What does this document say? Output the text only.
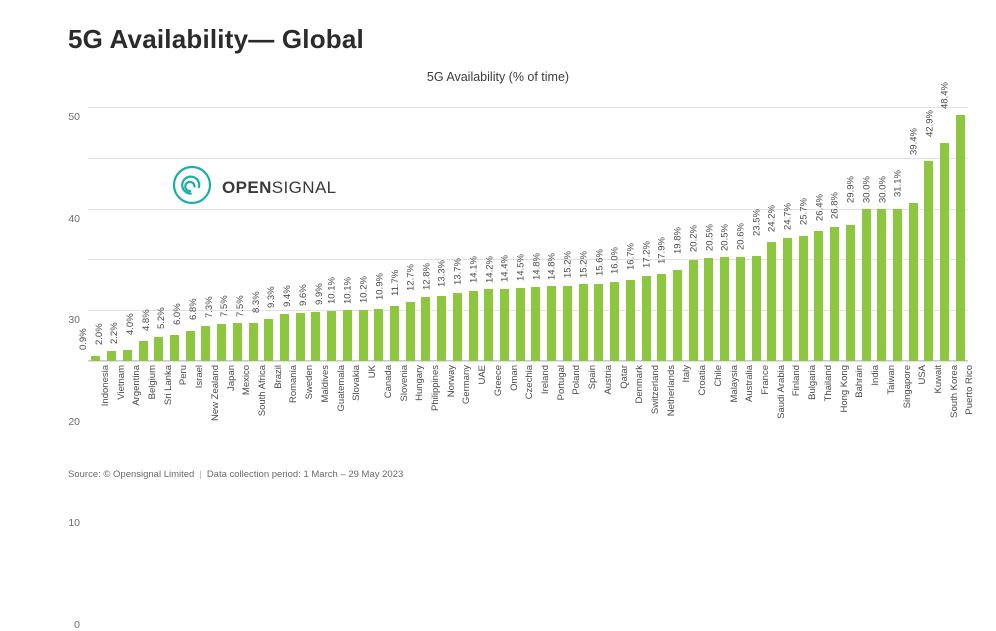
5G Availability— Global
5G Availability (% of time)
0
10
20
30
40
50
0.9% 2.0% 2.2% 4.0% 4.8% 5.2% 6.0% 6.8% 7.3% 7.5% 7.5% 8.3% 9.3% 9.4% 9.6% 9.9% 10.1% 10.1% 10.2% 10.9% 11.7% 12.7% 12.8% 13.3% 13.7% 14.1% 14.2% 14.4% 14.5% 14.8% 14.8% 15.2% 15.2% 15.6% 16.0% 16.7% 17.2% 17.9% 19.8% 20.2% 20.5% 20.5% 20.6%
23.5% 24.2% 24.7% 25.7% 26.4% 26.8%
29.9% 30.0% 30.0% 31.1%
39.4%
42.9%
48.4%
Indonesia Vietnam Argentina Belgium Sri Lanka Peru Israel New Zealand Japan Mexico South Africa Brazil Romania Sweden Maldives Guatemala Slovakia UK Canada Slovenia Hungary Philippines Norway Germany UAE Greece Oman Czechia Ireland Portugal Poland Spain Austria Qatar Denmark Switzerland Netherlands Italy Croatia Chile Malaysia Australia France Saudi Arabia Finland Bulgaria Thailand Hong Kong Bahrain India Taiwan Singapore USA Kuwait South Korea Puerto Rico
OPENSIGNAL
Source: © Opensignal Limited | Data collection period: 1 March – 29 May 2023
